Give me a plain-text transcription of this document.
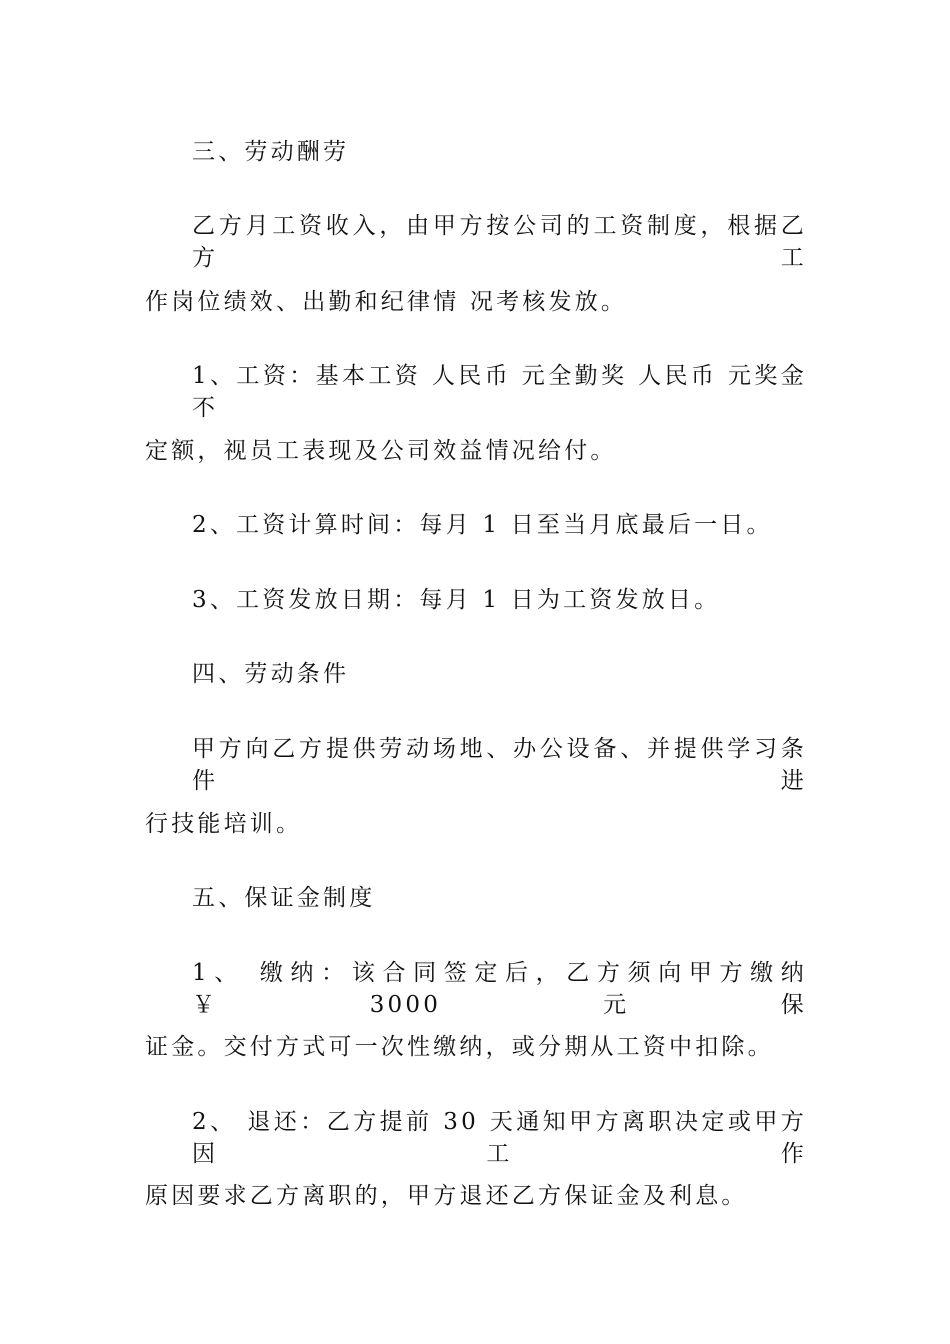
三、劳动酬劳
乙方月工资收入，由甲方按公司的工资制度，根据乙方工
作岗位绩效、出勤和纪律情 况考核发放。
1、工资：基本工资 人民币 元全勤奖 人民币 元奖金 不
定额，视员工表现及公司效益情况给付。
2、工资计算时间：每月 1 日至当月底最后一日。
3、工资发放日期：每月 1 日为工资发放日。
四、劳动条件
甲方向乙方提供劳动场地、办公设备、并提供学习条件进
行技能培训。
五、保证金制度
1、 缴纳：该合同签定后，乙方须向甲方缴纳￥3000 元保
证金。交付方式可一次性缴纳，或分期从工资中扣除。
2、 退还：乙方提前 30 天通知甲方离职决定或甲方因工作
原因要求乙方离职的，甲方退还乙方保证金及利息。
